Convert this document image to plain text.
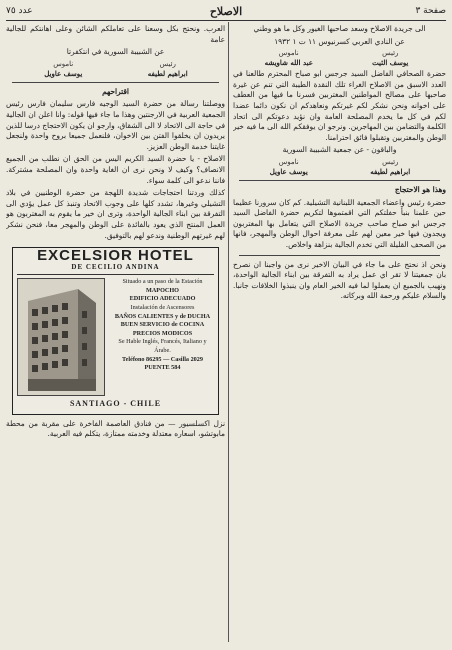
صفحة ٣
الاصلاح
عدد ٧٥

الى جريدة الاصلاح وسعد صاحبها الغيور وكل ما هو وطني

عن النادي العربي كسرنيوس ١١ ت ١ ١٩٣٢

رئيس
ناموس
يوسف الثيت
عبد الله شاويشه

حضرة الصحافي الفاضل السيد جرجس ابو صباح المحترم طالعنا في العدد الاسبق من الاصلاح الغراء تلك النقدة الطيبة التي تنم عن غيرة صاحبها على مصالح المواطنين المغتربين فسرنا ما فيها من العطف على اخوانه ونحن نشكر لكم غيرتكم ونعاهدكم ان نكون دائما عضدا لكم في كل ما يخدم المصلحة العامة وان نؤيد دعوتكم الى اتحاد الكلمة والتضامن بين المهاجرين. ونرجو ان يوفقكم الله الى ما فيه خير الوطن والمغتربين وتقبلوا فائق احترامنا.

والباقون - عن جمعية الشبيبة السورية

رئيس
ناموس
ابراهيم لطيفه
يوسف عاويل

وهذا هو الاحتجاج

حضرة رئيس واعضاء الجمعية اللبنانية التشيلية. كم كان سرورنا عظيما حين علمنا بنبأ حفلتكم التي اقمتموها لتكريم حضرة الفاضل السيد جرجس ابو صباح صاحب جريدة الاصلاح التي يتعامل بها المغتربون ويجدون فيها خير معين لهم على معرفة احوال الوطن والمهجر، فانها من الصحف القليلة التي تخدم الجالية بنزاهة واخلاص.

ونحن اذ نحتج على ما جاء في البيان الاخير نرى من واجبنا ان نصرح بان جمعيتنا لا تقر اي عمل يراد به التفرقة بين ابناء الجالية الواحدة، ونهيب بالجميع ان يعملوا لما فيه الخير العام وان ينبذوا الخلافات جانبا. والسلام عليكم ورحمة الله وبركاته.

العرب. ونحتج بكل وسعنا على تعاملكم الشائن وعلى اهانتكم للجالية عامة

عن الشبيبة السورية في انتكفرتا

رئيس
ناموس
ابراهيم لطيفه
يوسف عاويل

اقتراحهم

ووصلتنا رسالة من حضرة السيد الوجيه فارس سليمان فارس رئيس الجمعية العربية في الارجنتين وهذا ما جاء فيها قوله: وانا اعلن ان الجالية في حاجة الى الاتحاد لا الى الشقاق، وارجو ان يكون الاحتجاج درسا للذين يريدون ان يخلقوا الفتن بين الاخوان، فلنعمل جميعا بروح واحدة ولنجعل غايتنا خدمة الوطن العزيز.

الاصلاح - يا حضرة السيد الكريم اليس من الحق ان نطلب من الجميع الانصاف؟ وكيف لا ونحن نرى ان الغاية واحدة وان المصلحة مشتركة. فاننا ندعو الى كلمة سواء.

كذلك وردتنا احتجاجات شديدة اللهجة من حضرة الوطنيين في بلاد التشيلي وغيرها، تشدد كلها على وجوب الاتحاد وتنبذ كل عمل يؤدي الى التفرقة بين ابناء الجالية الواحدة، وترى ان خير ما يقوم به المغتربون هو العمل المنتج الذي يعود بالفائدة على الوطن والمهجر معا، فنحن نشكر لهم غيرتهم الوطنية وندعو لهم بالتوفيق.

EXCELSIOR HOTEL
DE CECILIO ANDINA
Situado a un paso de la Estación
MAPOCHO
EDIFICIO ADECUADO
Instalación de Ascensores
BAÑOS CALIENTES y de DUCHA
BUEN SERVICIO de COCINA
PRECIOS MODICOS
Se Hable Inglés, Francés, Italiano y Árabe.
Teléfono 86295 — Casilla 2029
PUENTE 584
SANTIAGO - CHILE

نزل اكسلسيور — من فنادق العاصمة الفاخرة على مقربة من محطة مابوتشو، اسعاره معتدلة وخدمته ممتازة، يتكلم فيه العربية.
